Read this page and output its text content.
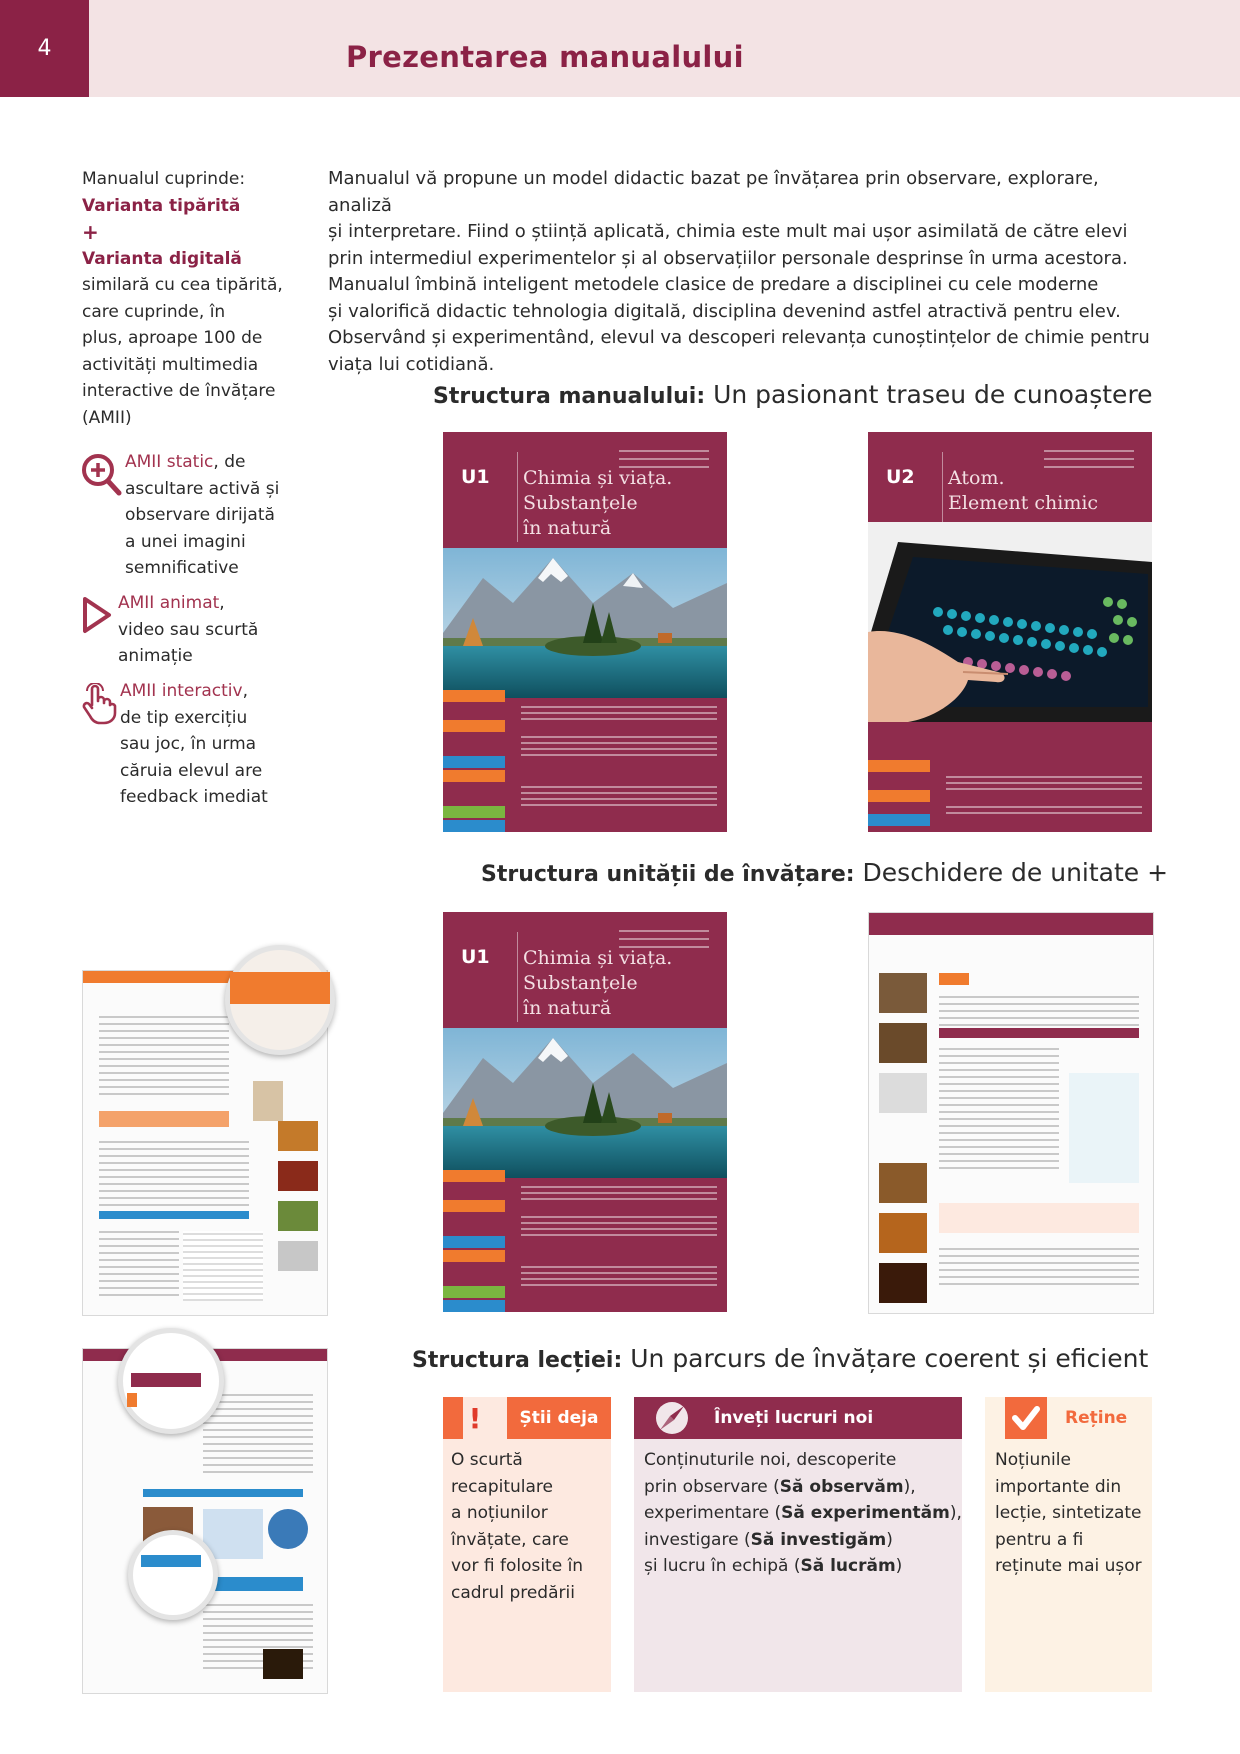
4	Prezentarea manualului
Manualul cuprinde:
Varianta tipărită
+
Varianta digitală
similară cu cea tipărită,
care cuprinde, în
plus, aproape 100 de
activități multimedia
interactive de învățare
(AMII)
AMII static, de
ascultare activă și
observare dirijată
a unei imagini
semnificative
AMII animat,
video sau scurtă
animație
AMII interactiv,
de tip exercițiu
sau joc, în urma
căruia elevul are
feedback imediat
Manualul vă propune un model didactic bazat pe învățarea prin observare, explorare, analiză
și interpretare. Fiind o știință aplicată, chimia este mult mai ușor asimilată de către elevi
prin intermediul experimentelor și al observațiilor personale desprinse în urma acestora.
Manualul îmbină inteligent metodele clasice de predare a disciplinei cu cele moderne
și valorifică didactic tehnologia digitală, disciplina devenind astfel atractivă pentru elev.
Observând și experimentând, elevul va descoperi relevanța cunoștințelor de chimie pentru
viața lui cotidiană.
Structura manualului: Un pasionant traseu de cunoaștere
U1 Chimia și viața.
Substanțele
în natură
U2 Atom.
Element chimic
Structura unității de învățare: Deschidere de unitate +
U1 Chimia și viața.
Substanțele
în natură
Structura lecției: Un parcurs de învățare coerent și eficient
!	Știi deja
O scurtă
recapitulare
a noțiunilor
învățate, care
vor fi folosite în
cadrul predării
Înveți lucruri noi
Conținuturile noi, descoperite
prin observare (Să observăm),
experimentare (Să experimentăm),
investigare (Să investigăm)
și lucru în echipă (Să lucrăm)
Reține
Noțiunile
importante din
lecție, sintetizate
pentru a fi
reținute mai ușor
